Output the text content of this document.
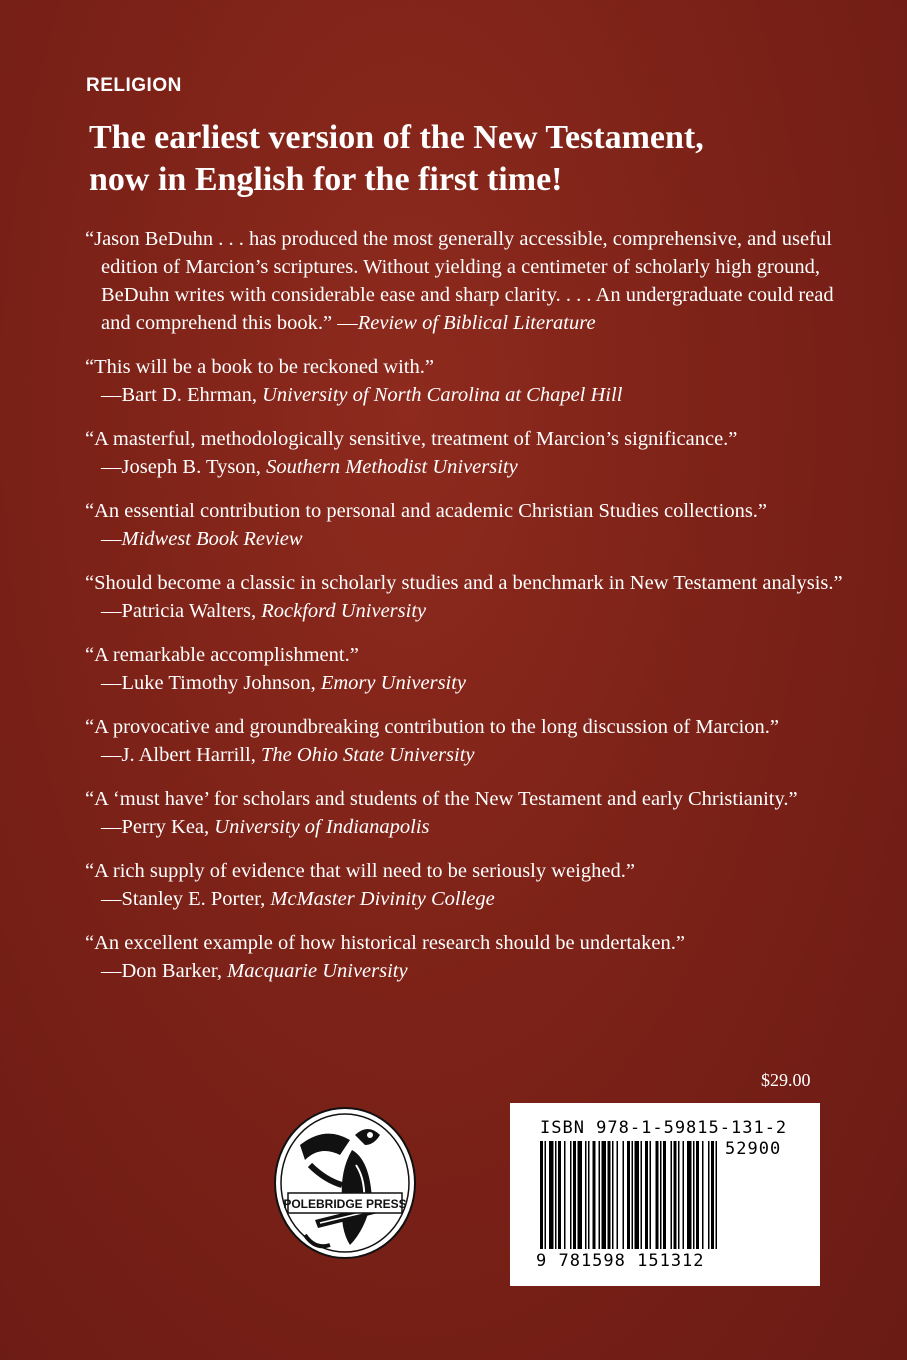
RELIGION
The earliest version of the New Testament,
now in English for the first time!
“Jason BeDuhn . . . has produced the most generally accessible, comprehensive, and useful edition of Marcion’s scriptures. Without yielding a centimeter of scholarly high ground, BeDuhn writes with considerable ease and sharp clarity. . . . An undergraduate could read and comprehend this book.” —Review of Biblical Literature
“This will be a book to be reckoned with.”
—Bart D. Ehrman, University of North Carolina at Chapel Hill
“A masterful, methodologically sensitive, treatment of Marcion’s significance.” —Joseph B. Tyson, Southern Methodist University
“An essential contribution to personal and academic Christian Studies collections.” —Midwest Book Review
“Should become a classic in scholarly studies and a benchmark in New Testament analysis.” —Patricia Walters, Rockford University
“A remarkable accomplishment.”
—Luke Timothy Johnson, Emory University
“A provocative and groundbreaking contribution to the long discussion of Marcion.”
—J. Albert Harrill, The Ohio State University
“A ‘must have’ for scholars and students of the New Testament and early Christianity.” —Perry Kea, University of Indianapolis
“A rich supply of evidence that will need to be seriously weighed.”
—Stanley E. Porter, McMaster Divinity College
“An excellent example of how historical research should be undertaken.” —Don Barker, Macquarie University
$29.00
POLEBRIDGE PRESS
ISBN 978-1-59815-131-2
52900
9 781598 151312
